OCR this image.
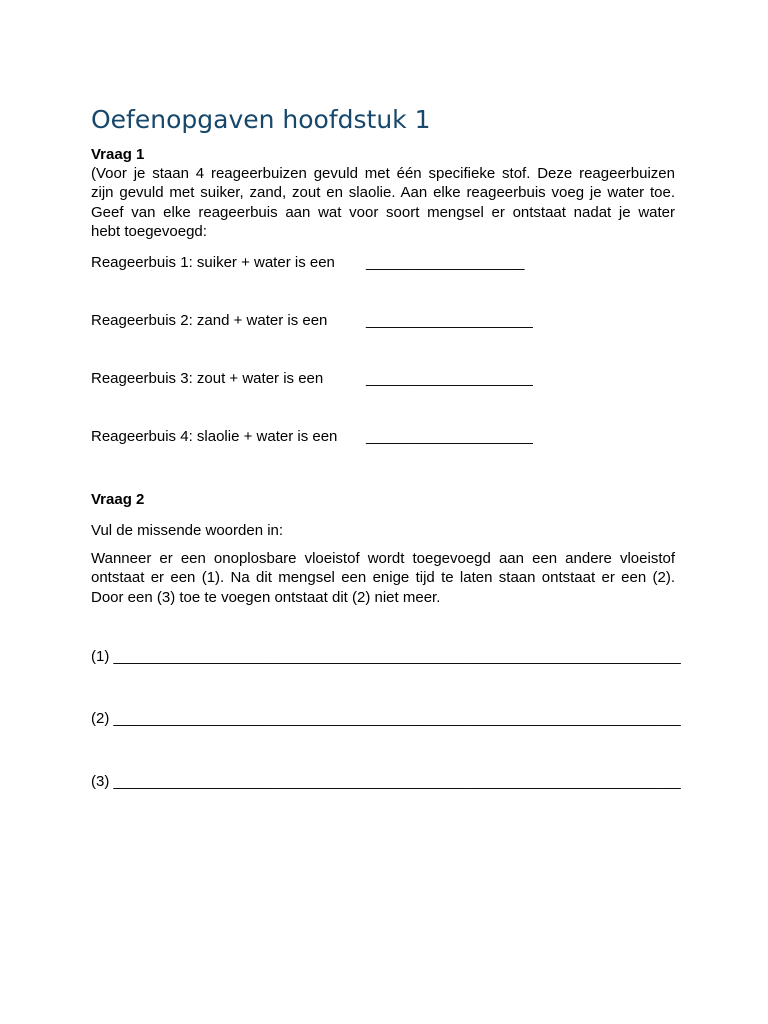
Oefenopgaven hoofdstuk 1
Vraag 1
(Voor je staan 4 reageerbuizen gevuld met één specifieke stof. Deze reageerbuizen
zijn gevuld met suiker, zand, zout en slaolie. Aan elke reageerbuis voeg je water toe.
Geef van elke reageerbuis aan wat voor soort mengsel er ontstaat nadat je water
hebt toegevoegd:
Reageerbuis 1: suiker + water is een ___________________
Reageerbuis 2: zand + water is een	____________________
Reageerbuis 3: zout + water is een	____________________
Reageerbuis 4: slaolie + water is een ____________________
Vraag 2
Vul de missende woorden in:
Wanneer er een onoplosbare vloeistof wordt toegevoegd aan een andere vloeistof
ontstaat er een (1). Na dit mengsel een enige tijd te laten staan ontstaat er een (2).
Door een (3) toe te voegen ontstaat dit (2) niet meer.
(1) ____________________________________________________________________
(2) ____________________________________________________________________
(3) ____________________________________________________________________
